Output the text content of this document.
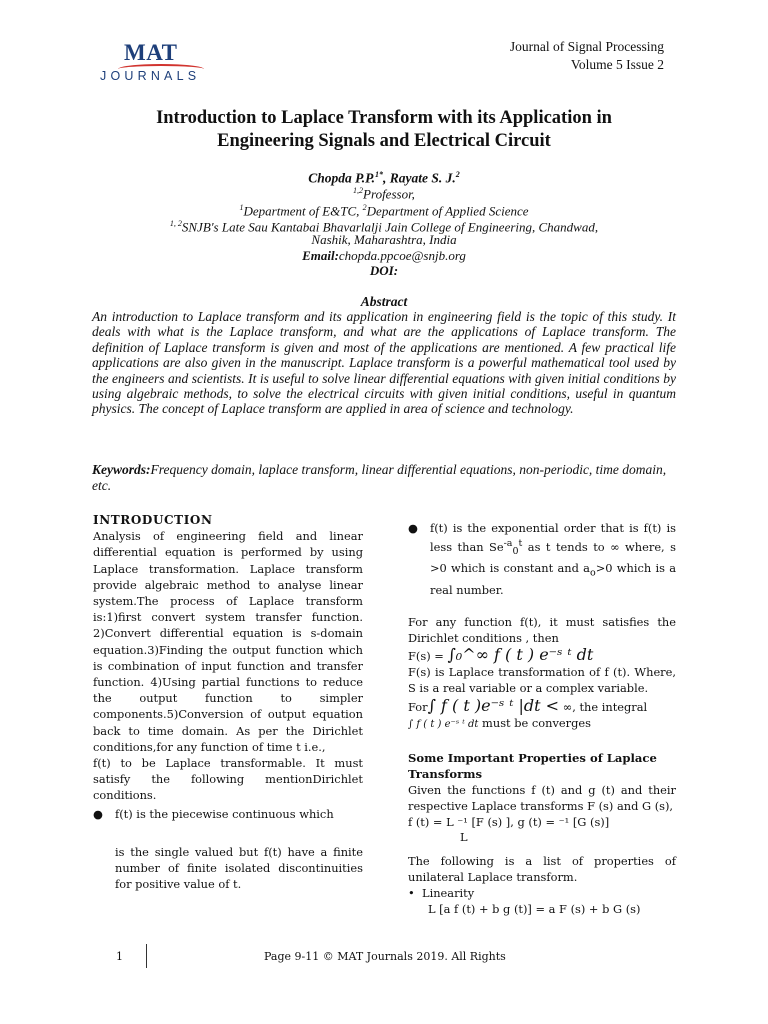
MAT
JOURNALS
Journal of Signal Processing
Volume 5 Issue 2
Introduction to Laplace Transform with its Application in
Engineering Signals and Electrical Circuit
Chopda P.P.$^{1*}$, Rayate S. J.$^2$
$^{1,2}$Professor,
$^1$Department of E&TC, $^2$Department of Applied Science
$^{1, 2}$SNJB's Late Sau Kantabai Bhavarlalji Jain College of Engineering, Chandwad,
Nashik, Maharashtra, India
Email:chopda.ppcoe@snjb.org
DOI:
Abstract
An introduction to Laplace transform and its application in engineering field is the topic of this study. It deals with what is the Laplace transform, and what are the applications of Laplace transform. The definition of Laplace transform is given and most of the applications are mentioned. A few practical life applications are also given in the manuscript. Laplace transform is a powerful mathematical tool used by the engineers and scientists. It is useful to solve linear differential equations with given initial conditions by using algebraic methods, to solve the electrical circuits with given initial conditions, useful in quantum physics. The concept of Laplace transform are applied in area of science and technology.
Keywords:Frequency domain, laplace transform, linear differential equations, non-periodic, time domain, etc.
INTRODUCTION
Analysis of engineering field and linear differential equation is performed by using Laplace transformation. Laplace transform provide algebraic method to analyse linear system.The process of Laplace transform is:1)first convert system transfer function. 2)Convert differential equation is s-domain equation.3)Finding the output function which is combination of input function and transfer function. 4)Using partial functions to reduce the output function to simpler components.5)Conversion of output equation back to time domain. As per the Dirichlet conditions,for any function of time t i.e.,
f(t) to be Laplace transformable. It must satisfy the following mentionDirichlet conditions.
● f(t) is the piecewise continuous which
is the single valued but f(t) have a finite number of finite isolated discontinuities for positive value of t.
● f(t) is the exponential order that is f(t) is less than $Se^{-a}_0^t$ as t tends to ∞ where, s >0 which is constant and $a_o>0$ which is a real number.
For any function f(t), it must satisfies the Dirichlet conditions , then
F(s) = ∫₀^∞ f ( t ) e⁻ˢ ᵗ dt
F(s) is Laplace transformation of f (t). Where, S is a real variable or a complex variable.
For∫ f ( t )e⁻ˢ ᵗ |dt < ∞, the integral
∫ f ( t ) e⁻ˢ ᵗ dt must be converges
Some Important Properties of Laplace Transforms
Given the functions f (t) and g (t) and their respective Laplace transforms F (s) and G (s),
f (t) = L ⁻¹ [F (s) ], g (t) = ⁻¹ [G (s)]
L
The following is a list of properties of unilateral Laplace transform.
• Linearity
L [a f (t) + b g (t)] = a F (s) + b G (s)
1	Page 9-11 © MAT Journals 2019. All Rights
